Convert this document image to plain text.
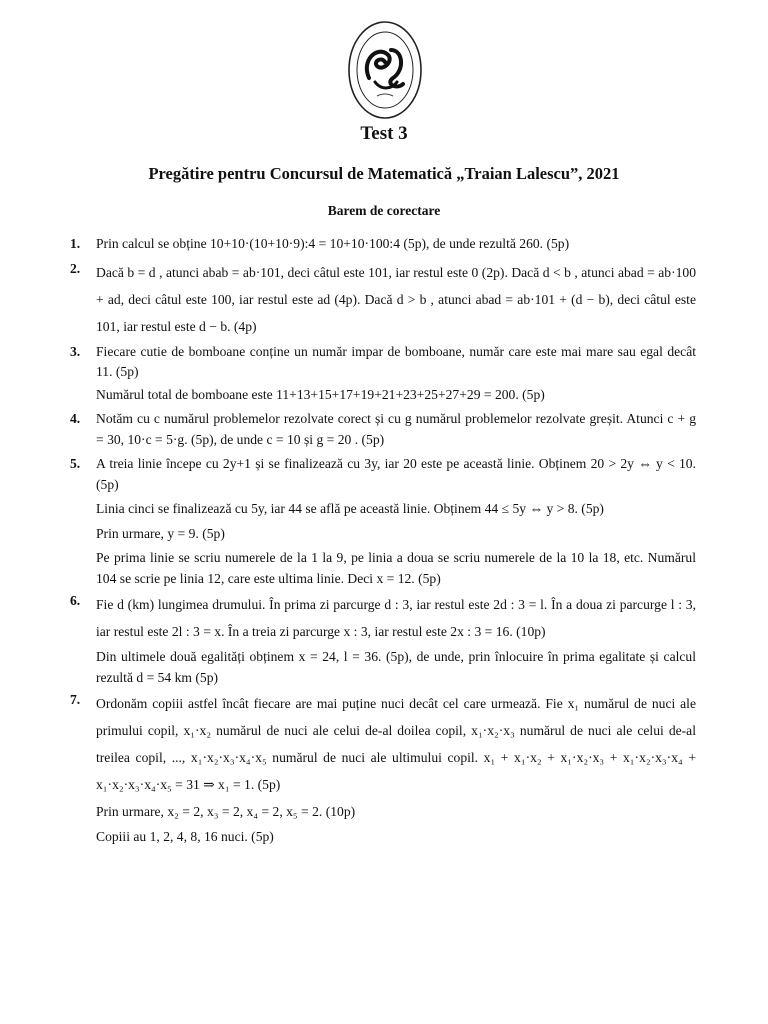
Test 3
Pregătire pentru Concursul de Matematică „Traian Lalescu”, 2021
Barem de corectare
1. Prin calcul se obține 10+10·(10+10·9):4 = 10+10·100:4 (5p), de unde rezultă 260. (5p)
2. Dacă b = d , atunci abab = ab·101, deci câtul este 101, iar restul este 0 (2p). Dacă d < b , atunci abad = ab·100 + ad, deci câtul este 100, iar restul este ad (4p). Dacă d > b , atunci abad = ab·101 + (d − b), deci câtul este 101, iar restul este d − b. (4p)
3. Fiecare cutie de bomboane conține un număr impar de bomboane, număr care este mai mare sau egal decât 11. (5p)
Numărul total de bomboane este 11+13+15+17+19+21+23+25+27+29 = 200. (5p)
4. Notăm cu c numărul problemelor rezolvate corect și cu g numărul problemelor rezolvate greșit. Atunci c + g = 30, 10·c = 5·g. (5p), de unde c = 10 și g = 20 . (5p)
5. A treia linie începe cu 2y+1 și se finalizează cu 3y, iar 20 este pe această linie. Obținem 20 > 2y ⇔ y < 10. (5p)
Linia cinci se finalizează cu 5y, iar 44 se află pe această linie. Obținem 44 ≤ 5y ⇔ y > 8. (5p)
Prin urmare, y = 9. (5p)
Pe prima linie se scriu numerele de la 1 la 9, pe linia a doua se scriu numerele de la 10 la 18, etc. Numărul 104 se scrie pe linia 12, care este ultima linie. Deci x = 12. (5p)
6. Fie d (km) lungimea drumului. În prima zi parcurge d : 3, iar restul este 2d : 3 = l. În a doua zi parcurge l : 3, iar restul este 2l : 3 = x. În a treia zi parcurge x : 3, iar restul este 2x : 3 = 16. (10p)
Din ultimele două egalități obținem x = 24, l = 36. (5p), de unde, prin înlocuire în prima egalitate și calcul rezultă d = 54 km (5p)
7. Ordonăm copiii astfel încât fiecare are mai puține nuci decât cel care urmează. Fie x₁ numărul de nuci ale primului copil, x₁·x₂ numărul de nuci ale celui de-al doilea copil, x₁·x₂·x₃ numărul de nuci ale celui de-al treilea copil, ..., x₁·x₂·x₃·x₄·x₅ numărul de nuci ale ultimului copil. x₁ + x₁·x₂ + x₁·x₂·x₃ + x₁·x₂·x₃·x₄ + x₁·x₂·x₃·x₄·x₅ = 31 ⇒ x₁ = 1. (5p)
Prin urmare, x₂ = 2, x₃ = 2, x₄ = 2, x₅ = 2. (10p)
Copiii au 1, 2, 4, 8, 16 nuci. (5p)
